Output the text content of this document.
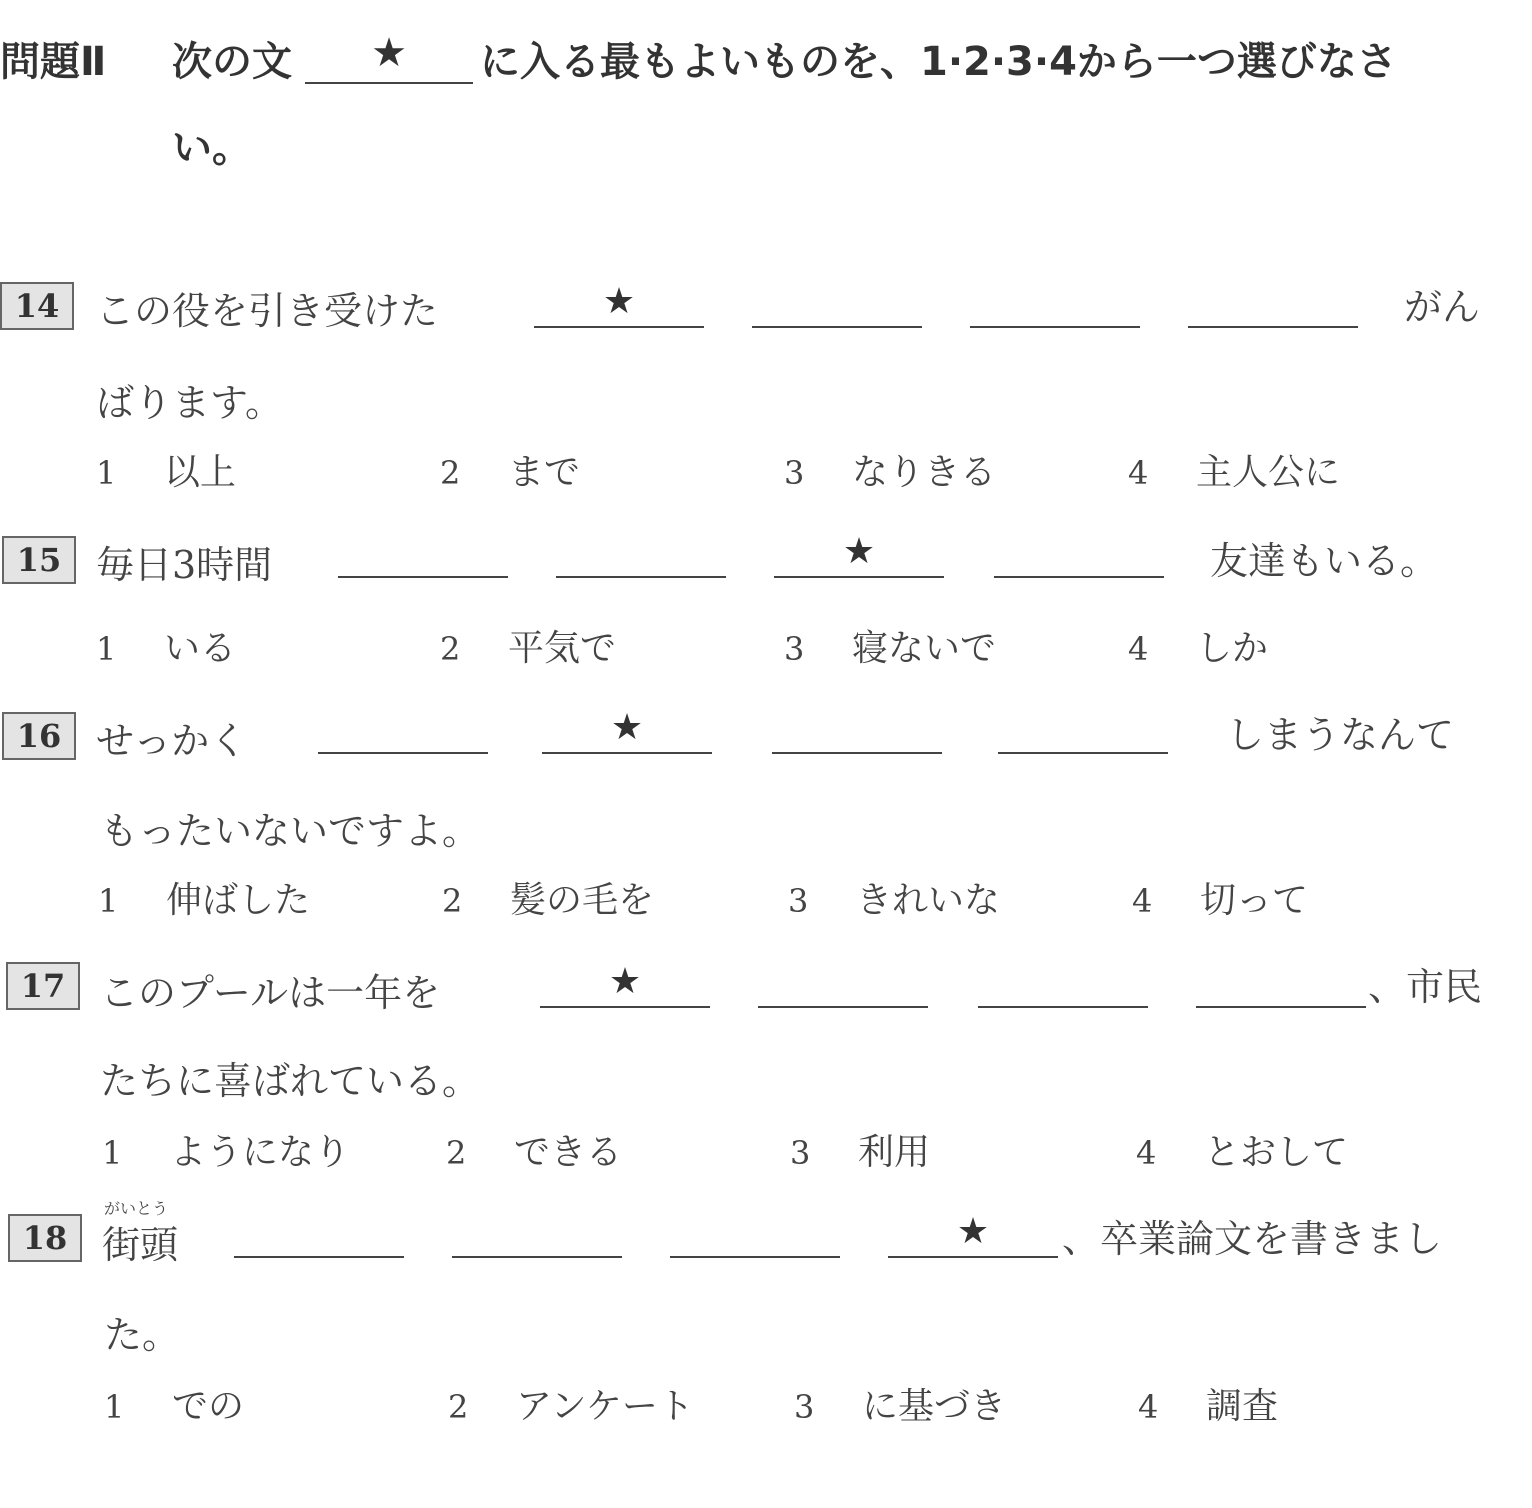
問題Ⅱ 次の文	★	に入る最もよいものを、1·2·3·4から一つ選びなさ
い。
14 この役を引き受けた	★	がん
ばります。
1 以上	2 まで	3 なりきる	4 主人公に
15 毎日3時間	★	友達もいる。
1 いる	2 平気で	3 寝ないで	4 しか
16 せっかく	★	しまうなんて
もったいないですよ。
1 伸ばした	2 髪の毛を	3 きれいな	4 切って
17 このプールは一年を	★	、市民
たちに喜ばれている。
1 ようになり	2 できる	3 利用	4 とおして
18
がいとう
街頭	★	、卒業論文を書きまし
た。
1 での	2 アンケート	3 に基づき	4 調査
